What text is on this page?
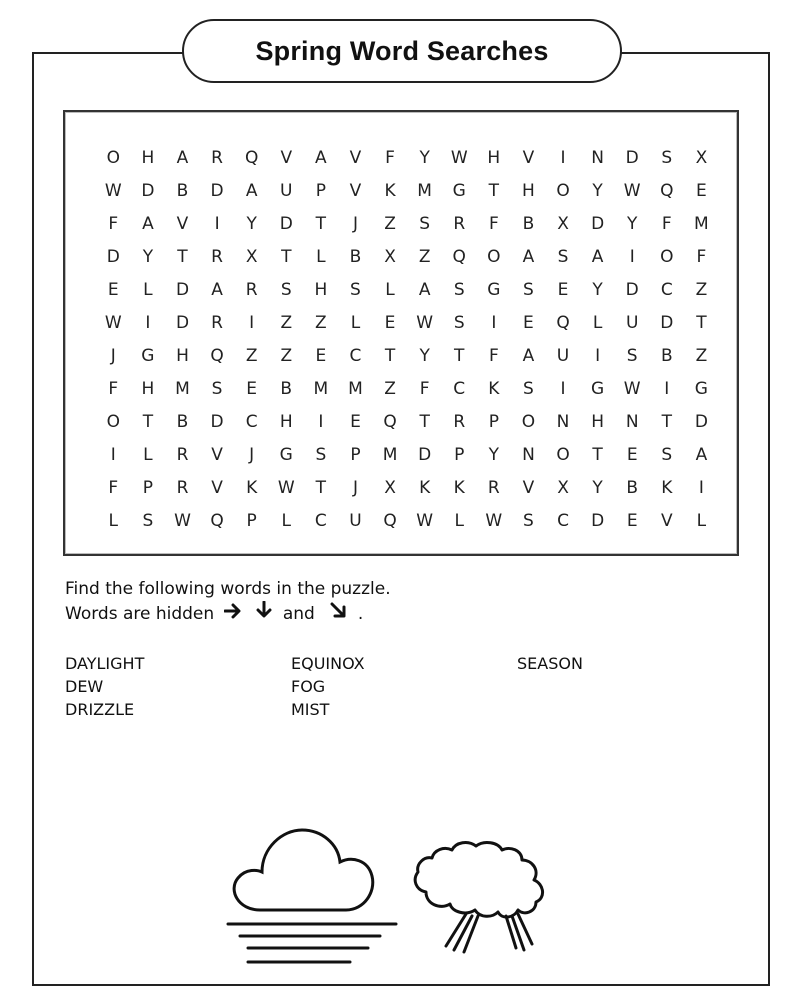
Spring Word Searches
O	H	A	R	Q	V	A	V	F	Y	W	H	V	I	N	D	S	X
W	D	B	D	A	U	P	V	K	M	G	T	H	O	Y	W	Q	E
F	A	V	I	Y	D	T	J	Z	S	R	F	B	X	D	Y	F	M
D	Y	T	R	X	T	L	B	X	Z	Q	O	A	S	A	I	O	F
E	L	D	A	R	S	H	S	L	A	S	G	S	E	Y	D	C	Z
W	I	D	R	I	Z	Z	L	E	W	S	I	E	Q	L	U	D	T
J	G	H	Q	Z	Z	E	C	T	Y	T	F	A	U	I	S	B	Z
F	H	M	S	E	B	M	M	Z	F	C	K	S	I	G	W	I	G
O	T	B	D	C	H	I	E	Q	T	R	P	O	N	H	N	T	D
I	L	R	V	J	G	S	P	M	D	P	Y	N	O	T	E	S	A
F	P	R	V	K	W	T	J	X	K	K	R	V	X	Y	B	K	I
L	S	W	Q	P	L	C	U	Q	W	L	W	S	C	D	E	V	L
Find the following words in the puzzle.
Words are hidden	and	.
DAYLIGHT
DEW
DRIZZLE
EQUINOX
FOG
MIST
SEASON
